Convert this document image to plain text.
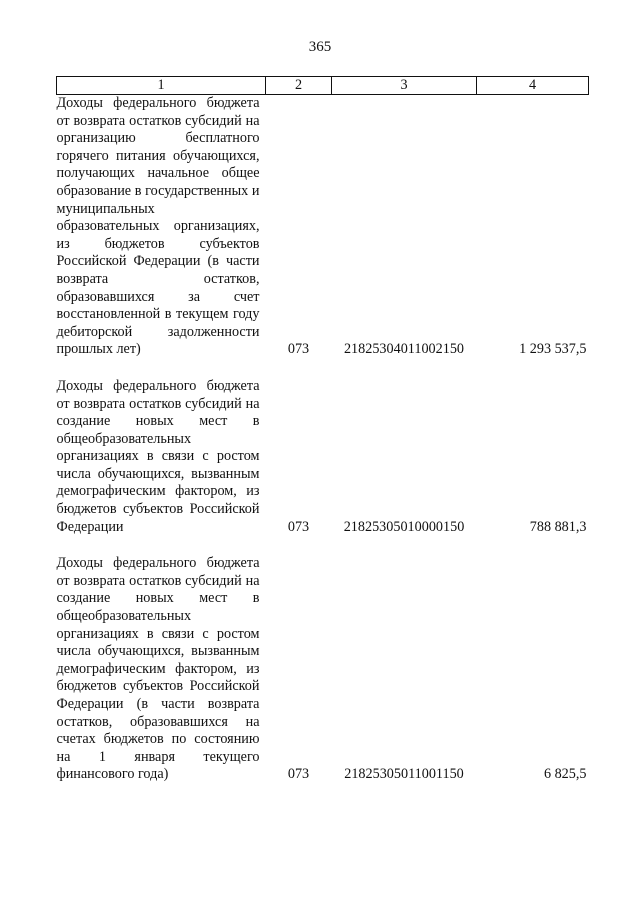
365
1	2	3	4
Доходы федерального бюджета от возврата остатков субсидий на организацию бесплатного горячего питания обучающихся, получающих начальное общее образование в государственных и муниципальных образовательных организациях, из бюджетов субъектов Российской Федерации (в части возврата остатков, образовавшихся за счет восстановленной в текущем году дебиторской задолженности прошлых лет)	073	21825304011002150	1 293 537,5
Доходы федерального бюджета от возврата остатков субсидий на создание новых мест в общеобразовательных организациях в связи с ростом числа обучающихся, вызванным демографическим фактором, из бюджетов субъектов Российской Федерации	073	21825305010000150	788 881,3
Доходы федерального бюджета от возврата остатков субсидий на создание новых мест в общеобразовательных организациях в связи с ростом числа обучающихся, вызванным демографическим фактором, из бюджетов субъектов Российской Федерации (в части возврата остатков, образовавшихся на счетах бюджетов по состоянию на 1 января текущего финансового года)	073	21825305011001150	6 825,5
